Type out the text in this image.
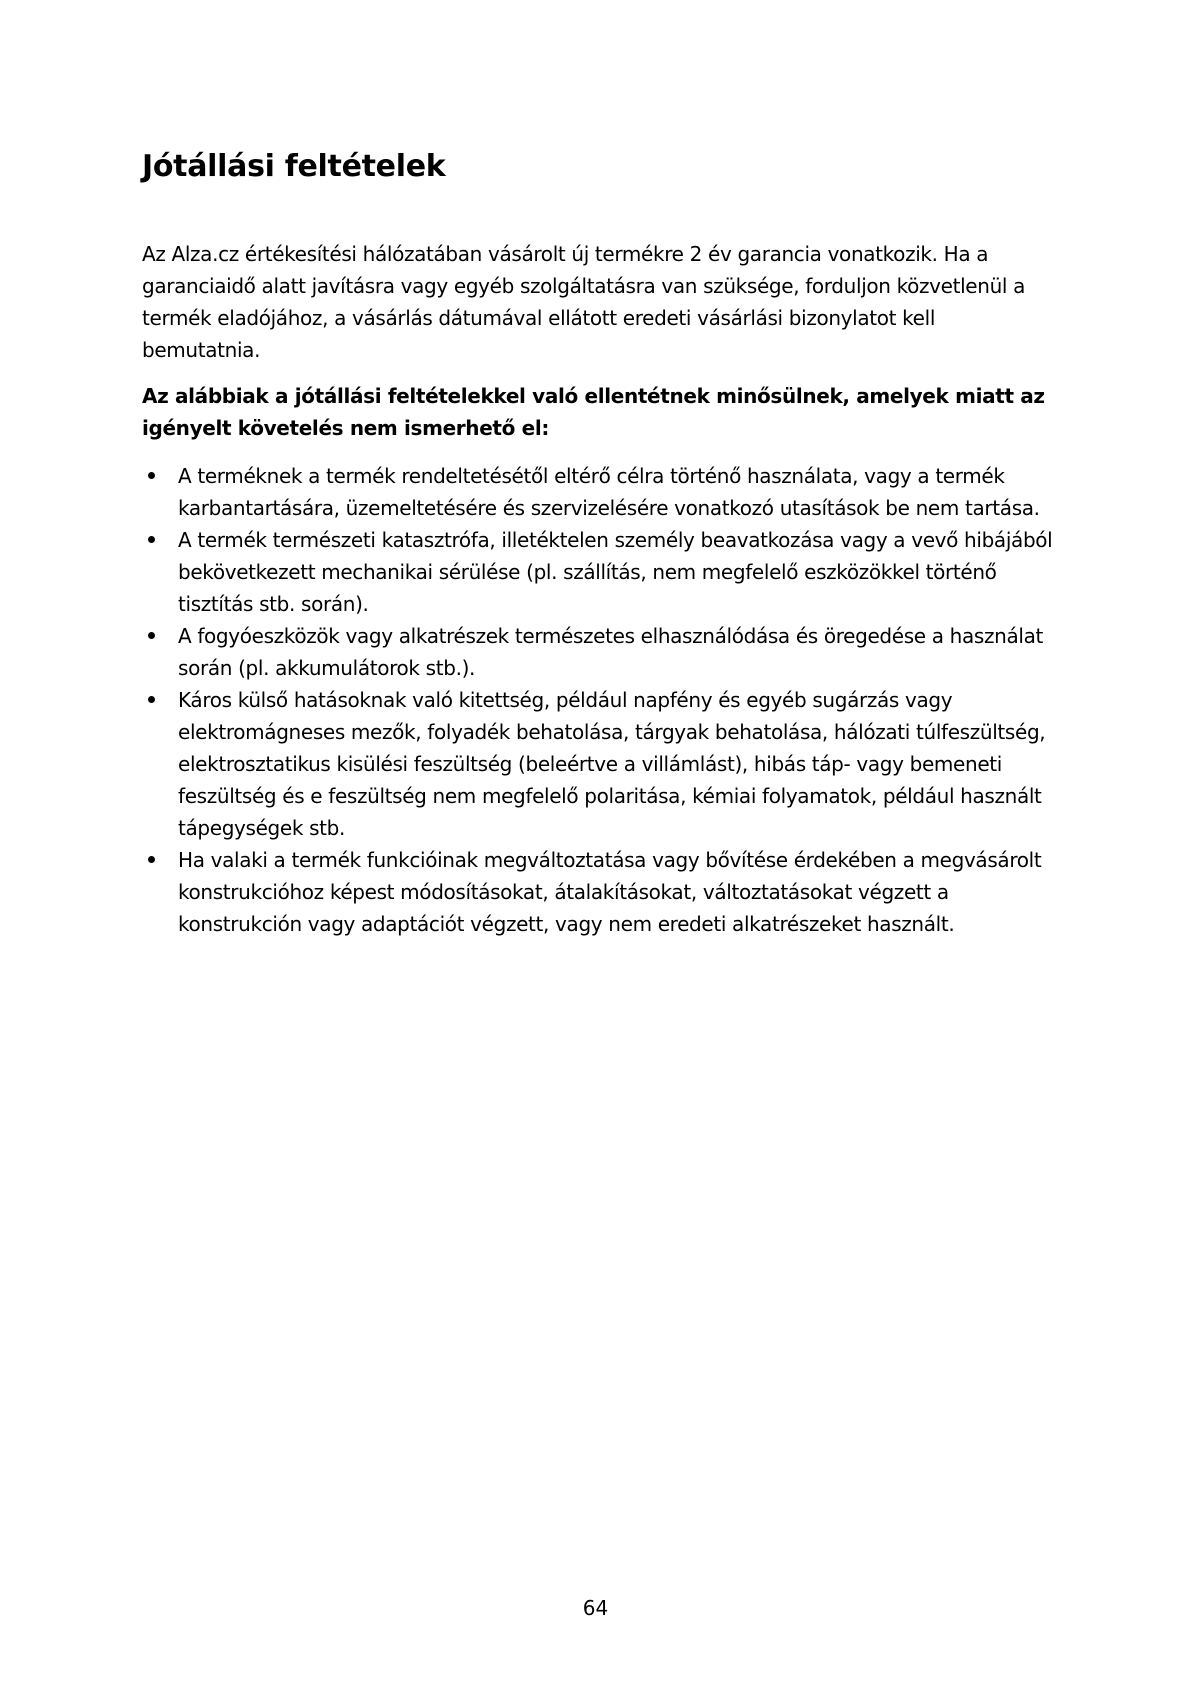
Jótállási feltételek

Az Alza.cz értékesítési hálózatában vásárolt új termékre 2 év garancia vonatkozik. Ha a garanciaidő alatt javításra vagy egyéb szolgáltatásra van szüksége, forduljon közvetlenül a termék eladójához, a vásárlás dátumával ellátott eredeti vásárlási bizonylatot kell bemutatnia.

Az alábbiak a jótállási feltételekkel való ellentétnek minősülnek, amelyek miatt az igényelt követelés nem ismerhető el:

A terméknek a termék rendeltetésétől eltérő célra történő használata, vagy a termék karbantartására, üzemeltetésére és szervizelésére vonatkozó utasítások be nem tartása.
A termék természeti katasztrófa, illetéktelen személy beavatkozása vagy a vevő hibájából bekövetkezett mechanikai sérülése (pl. szállítás, nem megfelelő eszközökkel történő tisztítás stb. során).
A fogyóeszközök vagy alkatrészek természetes elhasználódása és öregedése a használat során (pl. akkumulátorok stb.).
Káros külső hatásoknak való kitettség, például napfény és egyéb sugárzás vagy elektromágneses mezők, folyadék behatolása, tárgyak behatolása, hálózati túlfeszültség, elektrosztatikus kisülési feszültség (beleértve a villámlást), hibás táp- vagy bemeneti feszültség és e feszültség nem megfelelő polaritása, kémiai folyamatok, például használt tápegységek stb.
Ha valaki a termék funkcióinak megváltoztatása vagy bővítése érdekében a megvásárolt konstrukcióhoz képest módosításokat, átalakításokat, változtatásokat végzett a konstrukción vagy adaptációt végzett, vagy nem eredeti alkatrészeket használt.
64
